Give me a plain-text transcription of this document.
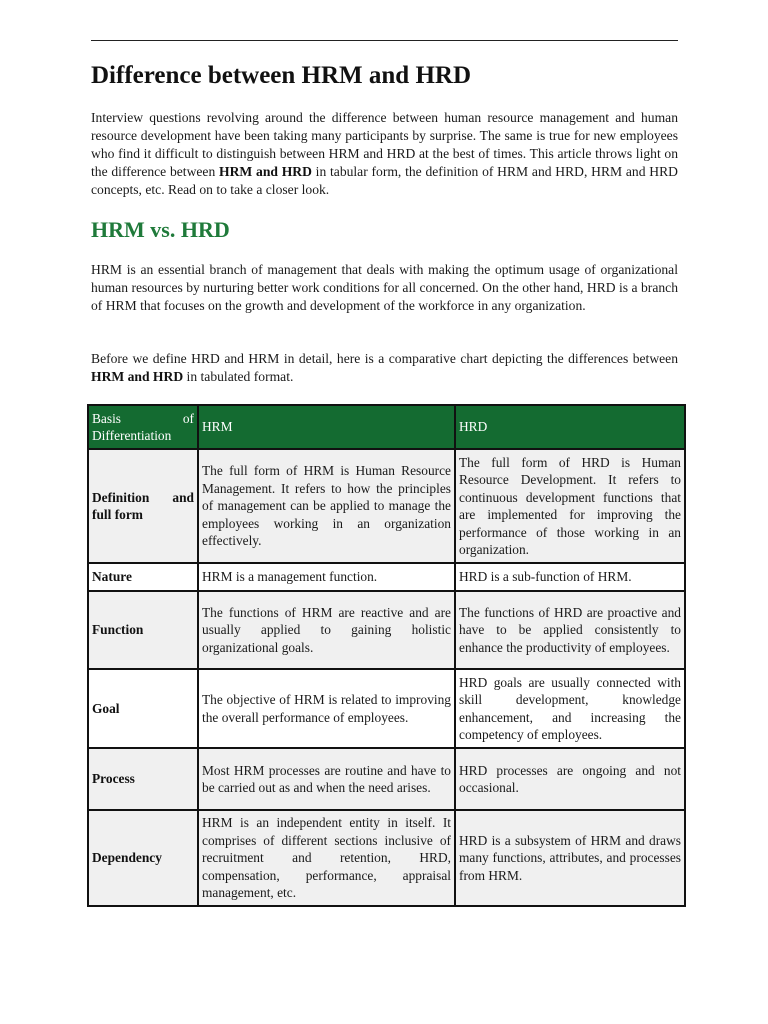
Difference between HRM and HRD

Interview questions revolving around the difference between human resource management and human resource development have been taking many participants by surprise. The same is true for new employees who find it difficult to distinguish between HRM and HRD at the best of times. This article throws light on the difference between HRM and HRD in tabular form, the definition of HRM and HRD, HRM and HRD concepts, etc. Read on to take a closer look.

HRM vs. HRD

HRM is an essential branch of management that deals with making the optimum usage of organizational human resources by nurturing better work conditions for all concerned. On the other hand, HRD is a branch of HRM that focuses on the growth and development of the workforce in any organization.

Before we define HRD and HRM in detail, here is a comparative chart depicting the differences between HRM and HRD in tabulated format.

Basis of
Differentiation	HRM	HRD
Definition and full form	The full form of HRM is Human Resource Management. It refers to how the principles of management can be applied to manage the employees working in an organization effectively.	The full form of HRD is Human Resource Development. It refers to continuous development functions that are implemented for improving the performance of those working in an organization.
Nature	HRM is a management function.	HRD is a sub-function of HRM.
Function	The functions of HRM are reactive and are usually applied to gaining holistic organizational goals.	The functions of HRD are proactive and have to be applied consistently to enhance the productivity of employees.
Goal	The objective of HRM is related to improving the overall performance of employees.	HRD goals are usually connected with skill development, knowledge enhancement, and increasing the competency of employees.
Process	Most HRM processes are routine and have to be carried out as and when the need arises.	HRD processes are ongoing and not occasional.
Dependency	HRM is an independent entity in itself. It comprises of different sections inclusive of recruitment and retention, HRD, compensation, performance, appraisal management, etc.	HRD is a subsystem of HRM and draws many functions, attributes, and processes from HRM.
